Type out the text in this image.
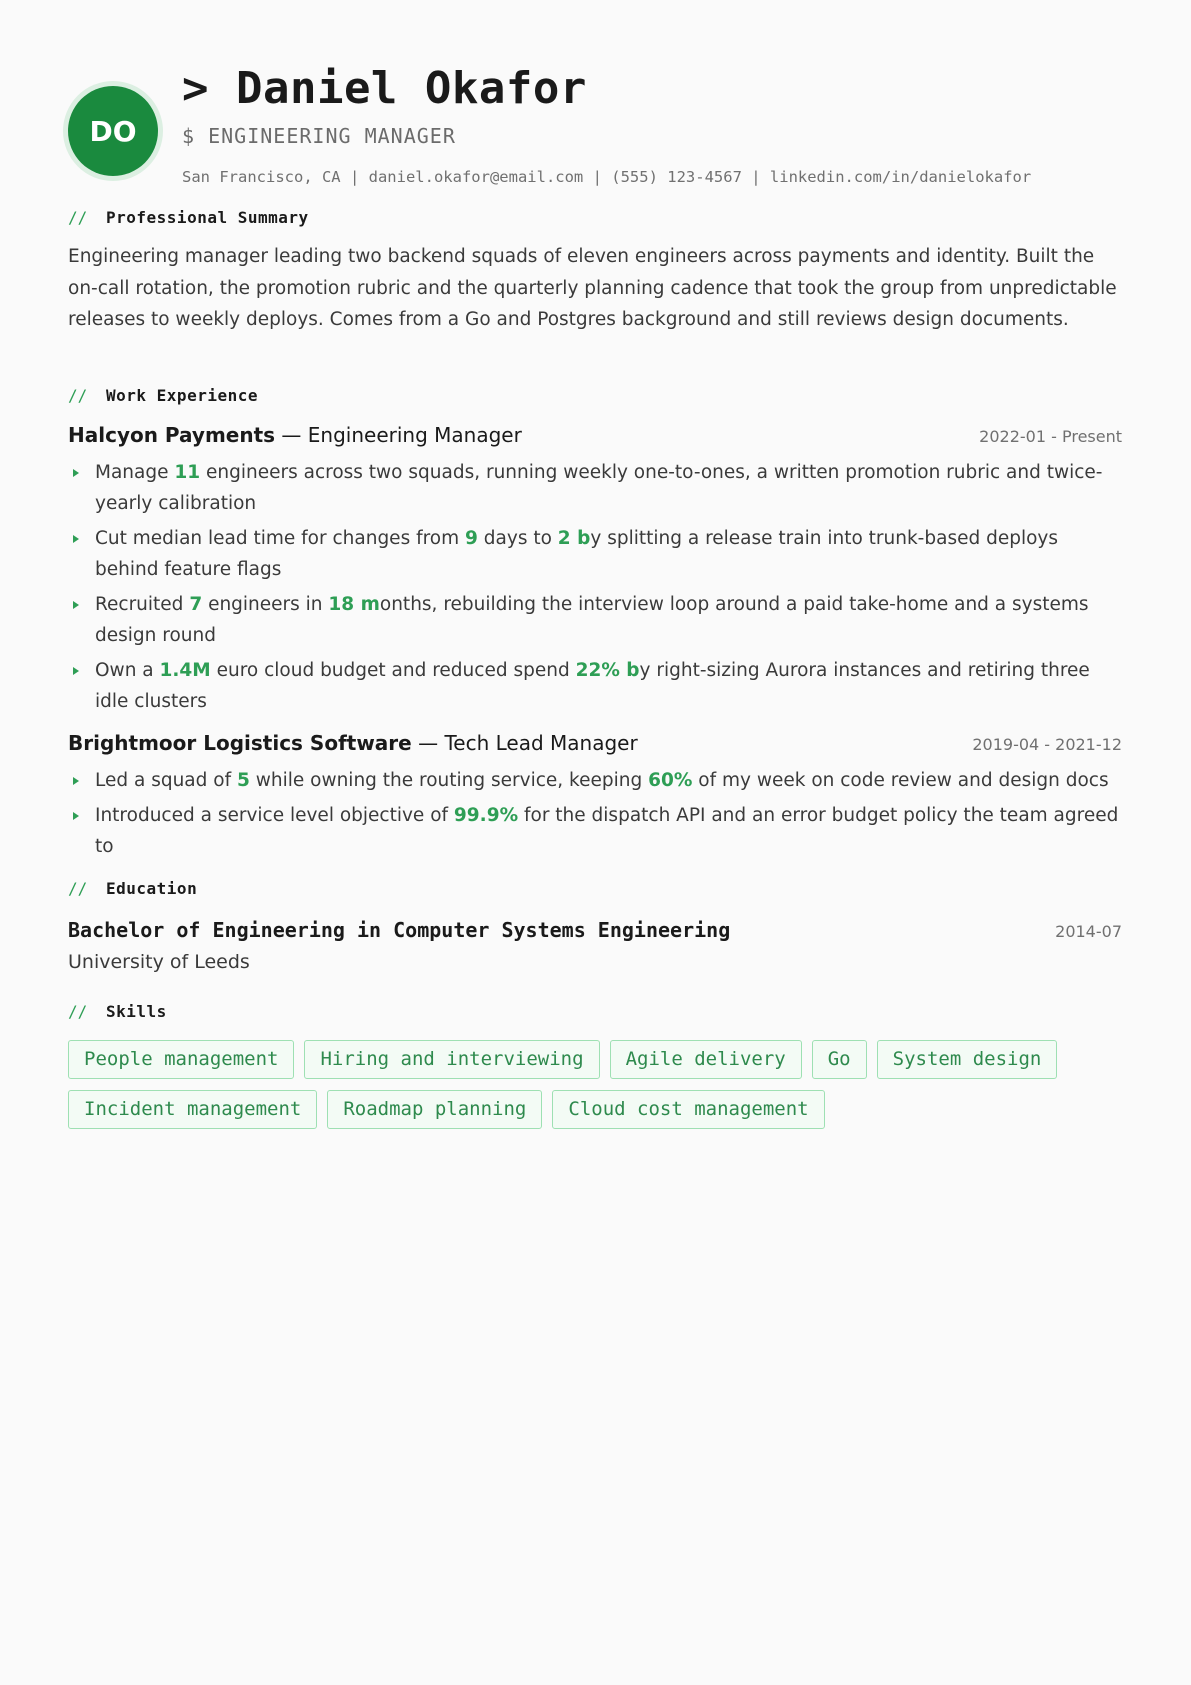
DO
> Daniel Okafor
$ ENGINEERING MANAGER
San Francisco, CA | daniel.okafor@email.com | (555) 123-4567 | linkedin.com/in/danielokafor
//	Professional Summary
Engineering manager leading two backend squads of eleven engineers across payments and identity. Built the on-call rotation, the promotion rubric and the quarterly planning cadence that took the group from unpredictable releases to weekly deploys. Comes from a Go and Postgres background and still reviews design documents.
//	Work Experience
Halcyon Payments — Engineering Manager	2022-01 - Present
Manage 11 engineers across two squads, running weekly one-to-ones, a written promotion rubric and twice-yearly calibration
Cut median lead time for changes from 9 days to 2 by splitting a release train into trunk-based deploys behind feature flags
Recruited 7 engineers in 18 months, rebuilding the interview loop around a paid take-home and a systems design round
Own a 1.4M euro cloud budget and reduced spend 22% by right-sizing Aurora instances and retiring three idle clusters
Brightmoor Logistics Software — Tech Lead Manager	2019-04 - 2021-12
Led a squad of 5 while owning the routing service, keeping 60% of my week on code review and design docs
Introduced a service level objective of 99.9% for the dispatch API and an error budget policy the team agreed to
//	Education
Bachelor of Engineering in Computer Systems Engineering	2014-07
University of Leeds
//	Skills
People management	Hiring and interviewing	Agile delivery	Go	System design
Incident management	Roadmap planning	Cloud cost management
